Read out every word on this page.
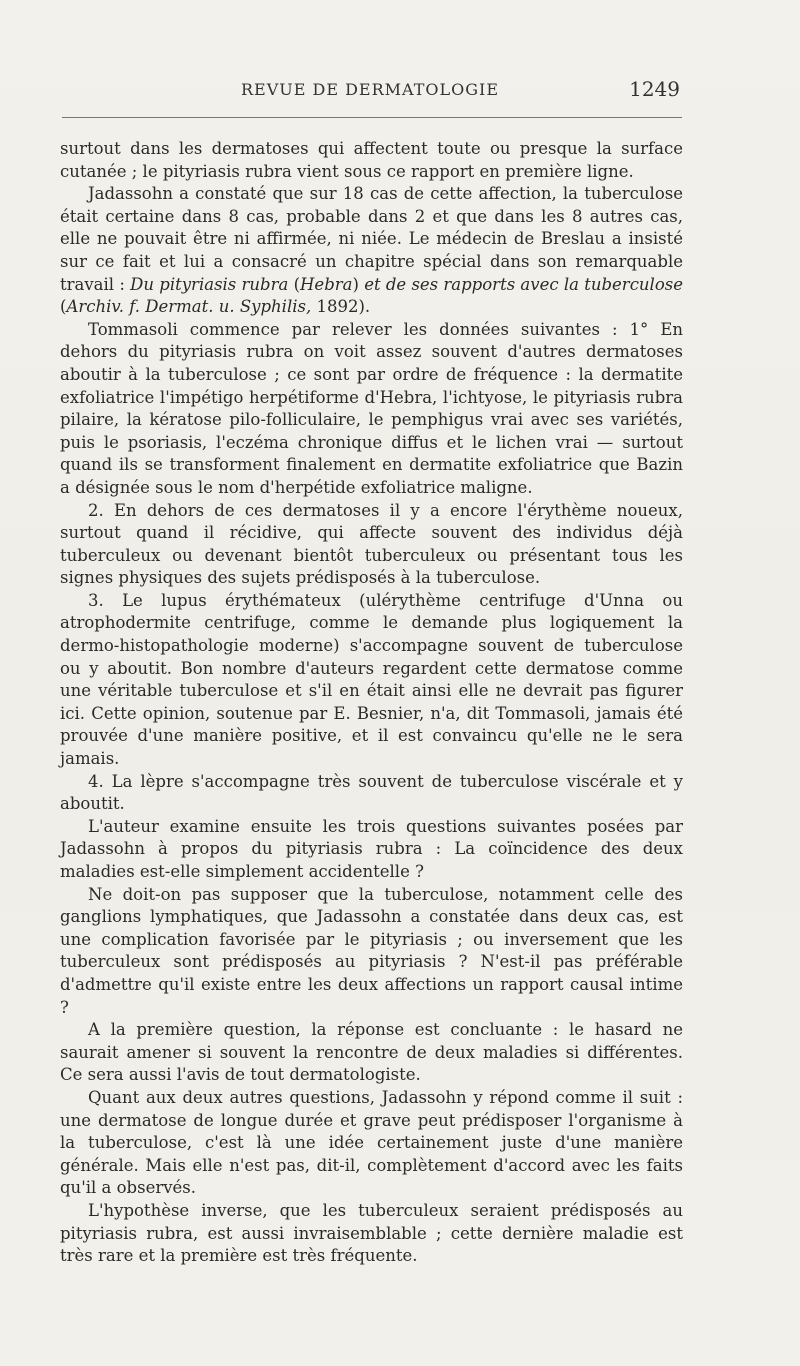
REVUE DE DERMATOLOGIE	1249

surtout dans les dermatoses qui affectent toute ou presque la surface cutanée ; le pityriasis rubra vient sous ce rapport en première ligne.

Jadassohn a constaté que sur 18 cas de cette affection, la tuberculose était certaine dans 8 cas, probable dans 2 et que dans les 8 autres cas, elle ne pouvait être ni affirmée, ni niée. Le médecin de Breslau a insisté sur ce fait et lui a consacré un chapitre spécial dans son remarquable travail : Du pityriasis rubra (Hebra) et de ses rapports avec la tuberculose (Archiv. f. Dermat. u. Syphilis, 1892).

Tommasoli commence par relever les données suivantes : 1° En dehors du pityriasis rubra on voit assez souvent d'autres dermatoses aboutir à la tuberculose ; ce sont par ordre de fréquence : la dermatite exfoliatrice l'impétigo herpétiforme d'Hebra, l'ichtyose, le pityriasis rubra pilaire, la kératose pilo-folliculaire, le pemphigus vrai avec ses variétés, puis le psoriasis, l'eczéma chronique diffus et le lichen vrai — surtout quand ils se transforment finalement en dermatite exfoliatrice que Bazin a désignée sous le nom d'herpétide exfoliatrice maligne.

2. En dehors de ces dermatoses il y a encore l'érythème noueux, surtout quand il récidive, qui affecte souvent des individus déjà tuberculeux ou devenant bientôt tuberculeux ou présentant tous les signes physiques des sujets prédisposés à la tuberculose.

3. Le lupus érythémateux (ulérythème centrifuge d'Unna ou atrophodermite centrifuge, comme le demande plus logiquement la dermo-histopathologie moderne) s'accompagne souvent de tuberculose ou y aboutit. Bon nombre d'auteurs regardent cette dermatose comme une véritable tuberculose et s'il en était ainsi elle ne devrait pas figurer ici. Cette opinion, soutenue par E. Besnier, n'a, dit Tommasoli, jamais été prouvée d'une manière positive, et il est convaincu qu'elle ne le sera jamais.

4. La lèpre s'accompagne très souvent de tuberculose viscérale et y aboutit.

L'auteur examine ensuite les trois questions suivantes posées par Jadassohn à propos du pityriasis rubra : La coïncidence des deux maladies est-elle simplement accidentelle ?

Ne doit-on pas supposer que la tuberculose, notamment celle des ganglions lymphatiques, que Jadassohn a constatée dans deux cas, est une complication favorisée par le pityriasis ; ou inversement que les tuberculeux sont prédisposés au pityriasis ? N'est-il pas préférable d'admettre qu'il existe entre les deux affections un rapport causal intime ?

A la première question, la réponse est concluante : le hasard ne saurait amener si souvent la rencontre de deux maladies si différentes. Ce sera aussi l'avis de tout dermatologiste.

Quant aux deux autres questions, Jadassohn y répond comme il suit : une dermatose de longue durée et grave peut prédisposer l'organisme à la tuberculose, c'est là une idée certainement juste d'une manière générale. Mais elle n'est pas, dit-il, complètement d'accord avec les faits qu'il a observés.

L'hypothèse inverse, que les tuberculeux seraient prédisposés au pityriasis rubra, est aussi invraisemblable ; cette dernière maladie est très rare et la première est très fréquente.
